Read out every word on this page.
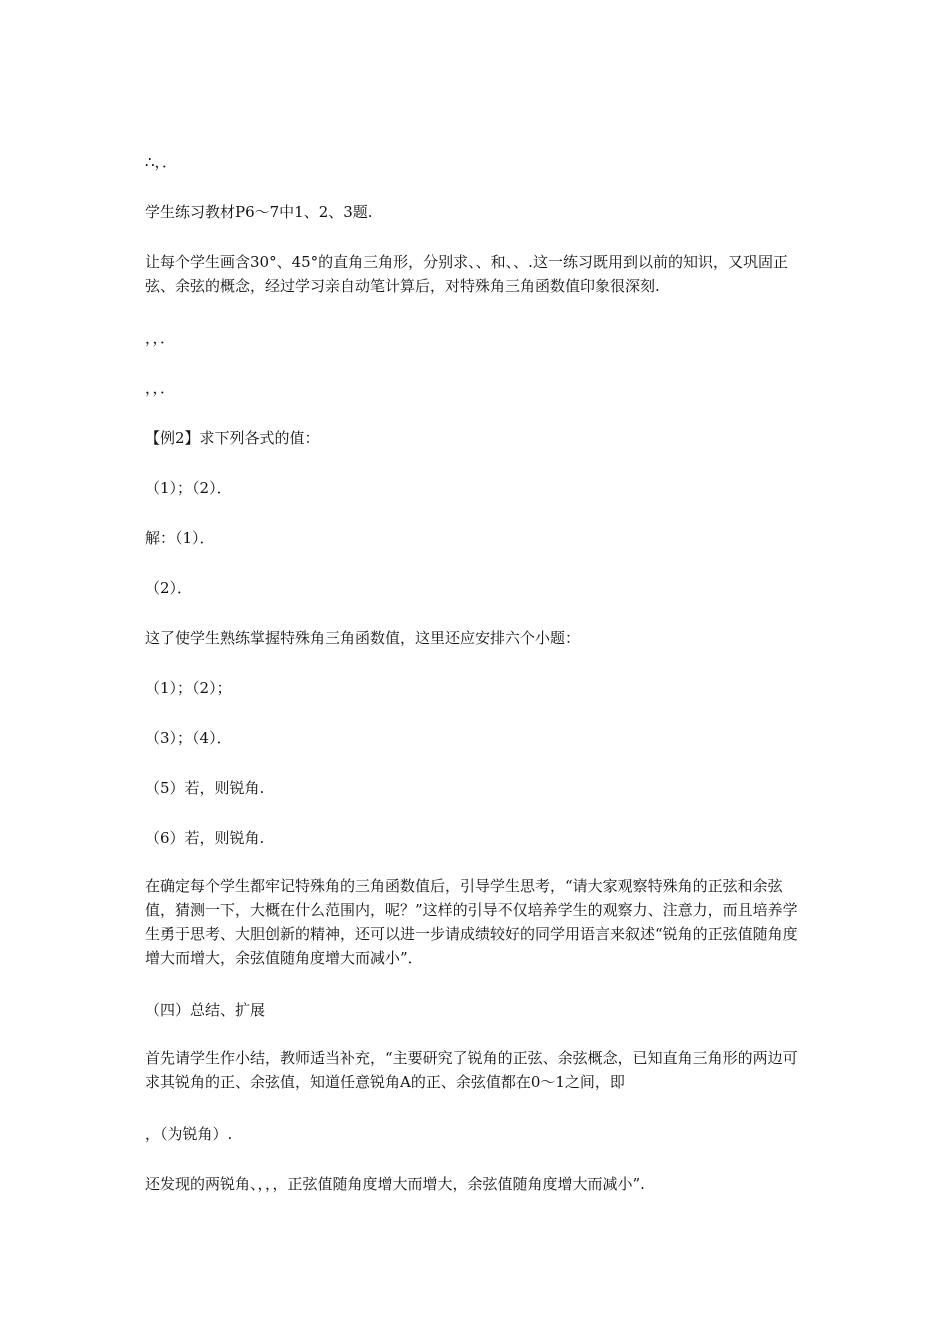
∴，．

学生练习教材P6～7中1、2、3题.

让每个学生画含30°、45°的直角三角形，分别求、、和、、.这一练习既用到以前的知识，又巩固正弦、余弦的概念，经过学习亲自动笔计算后，对特殊角三角函数值印象很深刻.

，，．

，，．

【例2】求下列各式的值：

（1）；（2）．

解：（1）．

（2）．

这了使学生熟练掌握特殊角三角函数值，这里还应安排六个小题：

（1）；（2）；

（3）；（4）．

（5）若，则锐角.

（6）若，则锐角.

在确定每个学生都牢记特殊角的三角函数值后，引导学生思考，“请大家观察特殊角的正弦和余弦值，猜测一下，大概在什么范围内，呢？”这样的引导不仅培养学生的观察力、注意力，而且培养学生勇于思考、大胆创新的精神，还可以进一步请成绩较好的同学用语言来叙述“锐角的正弦值随角度增大而增大，余弦值随角度增大而减小”．

（四）总结、扩展

首先请学生作小结，教师适当补充，“主要研究了锐角的正弦、余弦概念，已知直角三角形的两边可求其锐角的正、余弦值，知道任意锐角A的正、余弦值都在0～1之间，即

，（为锐角）.

还发现的两锐角、，，，正弦值随角度增大而增大，余弦值随角度增大而减小”.
